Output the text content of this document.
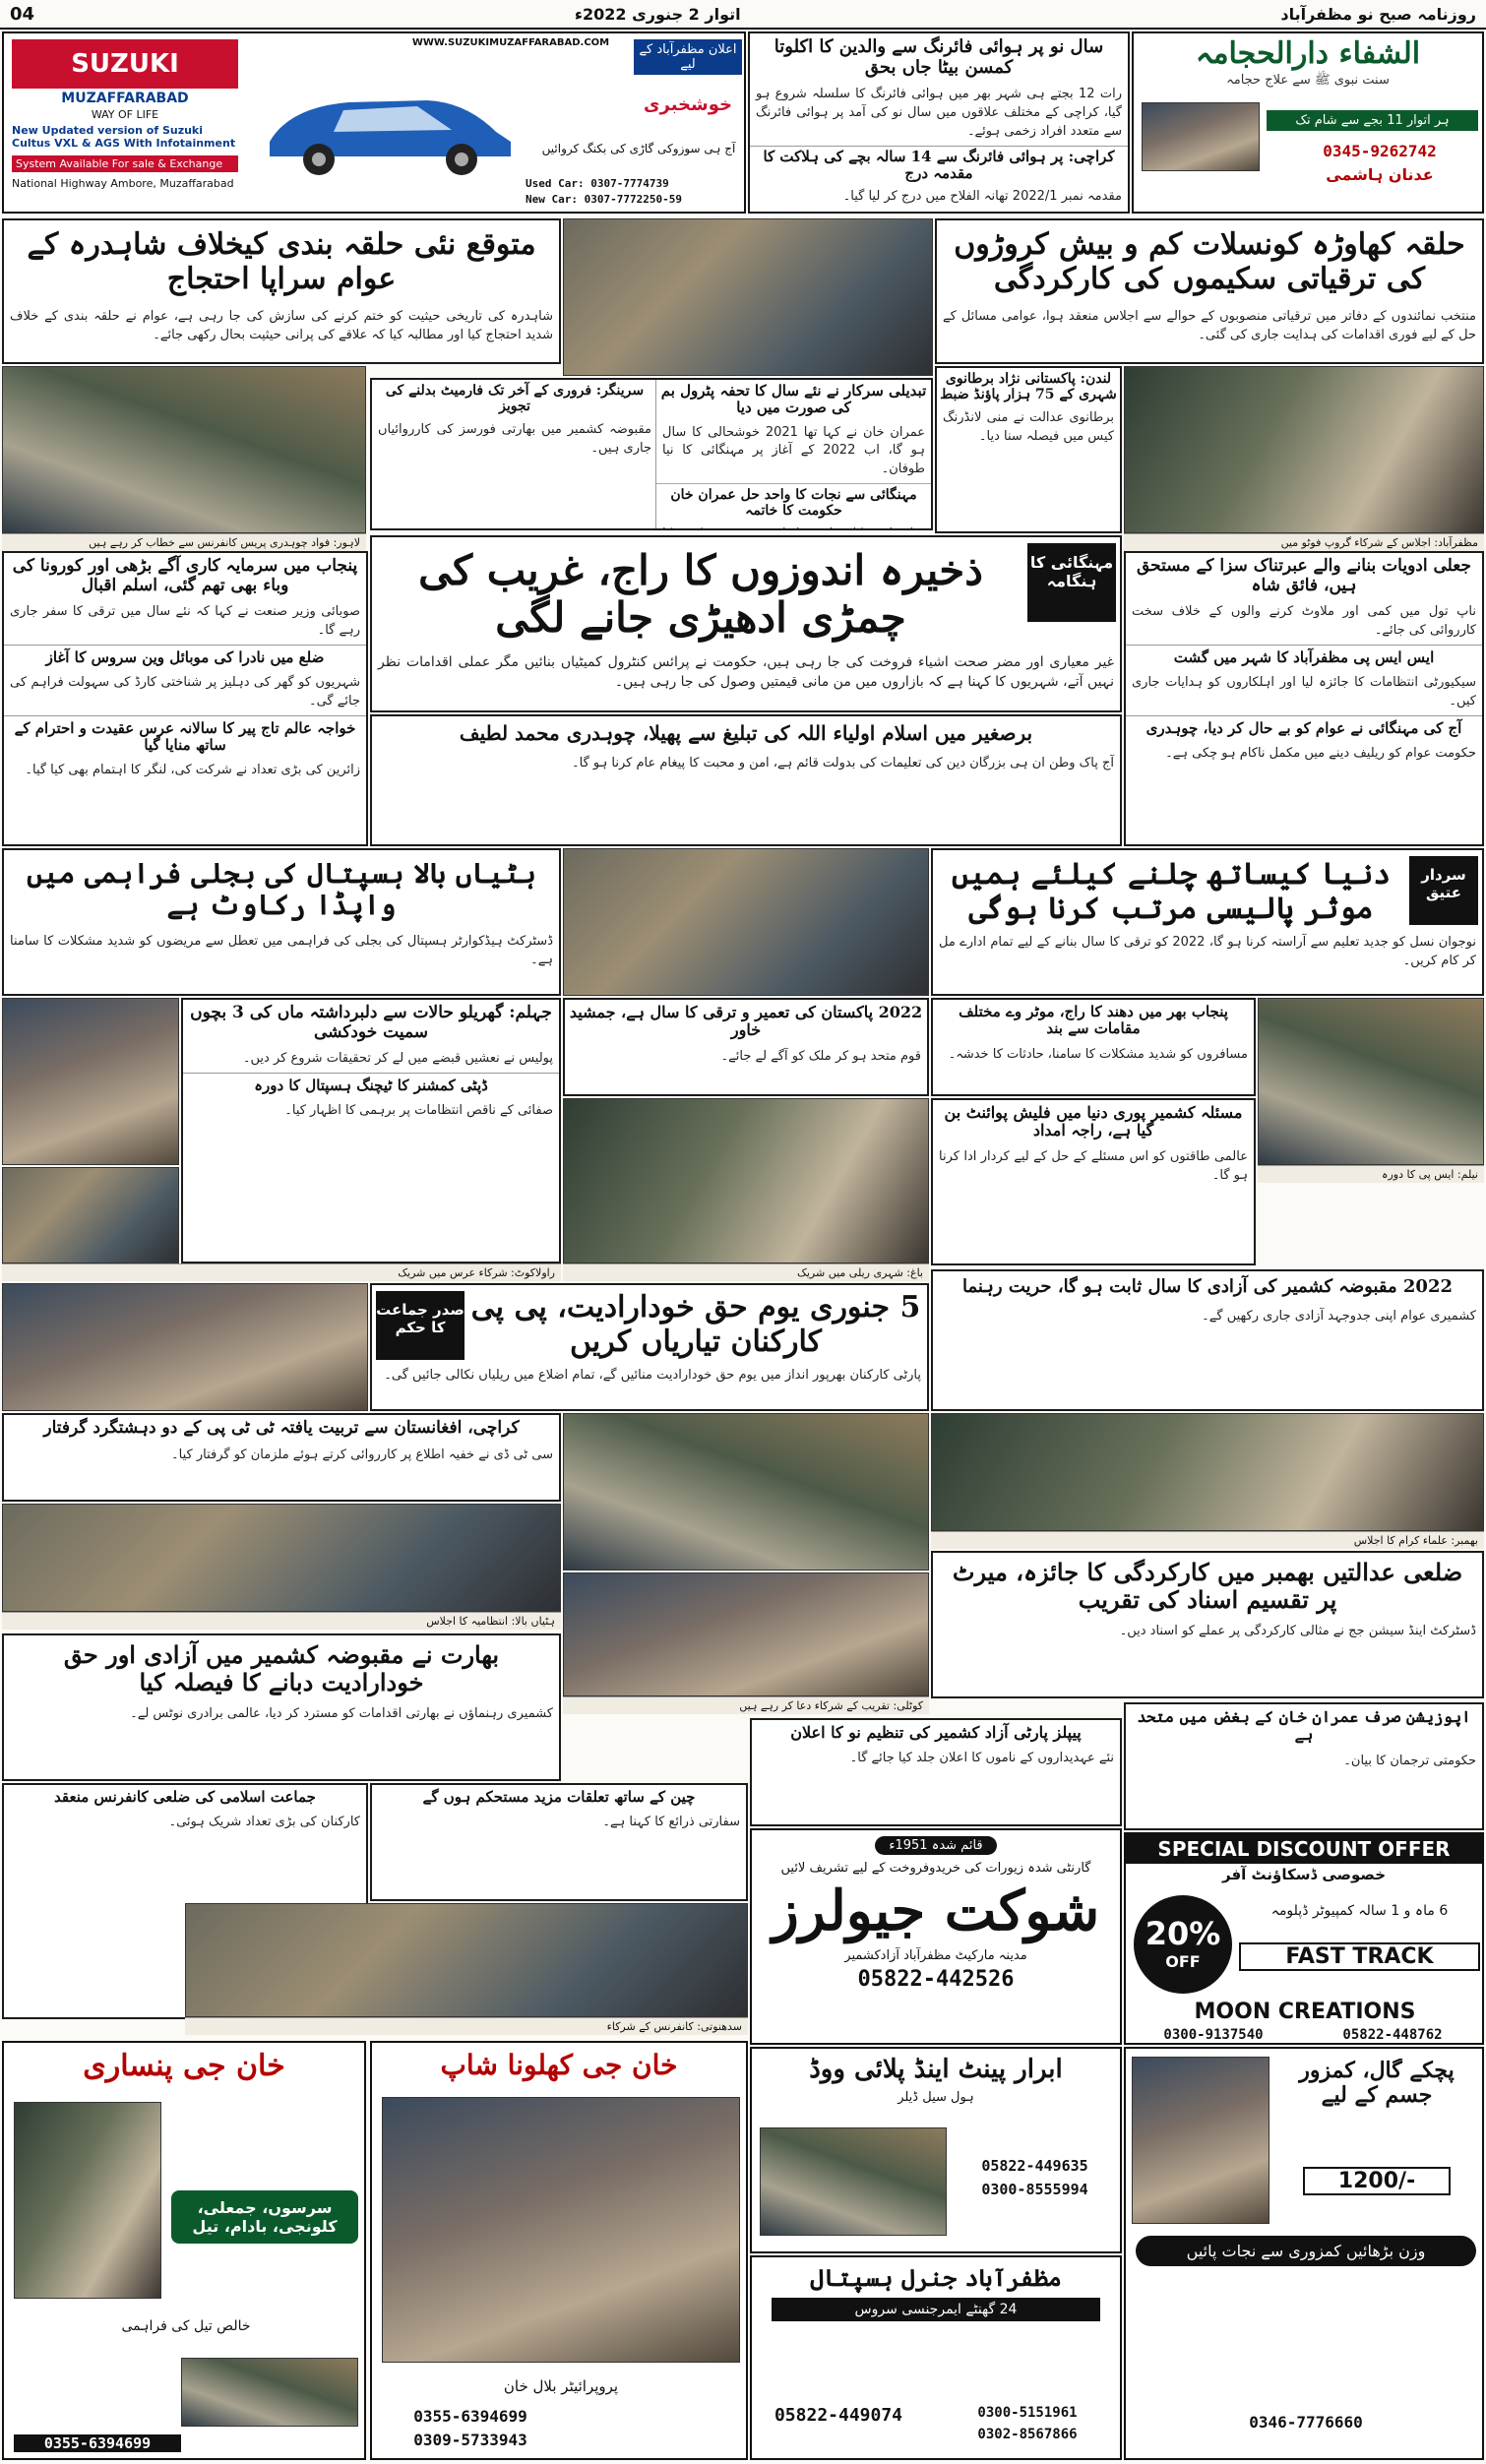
روزنامہ صبح نو مظفرآباد
اتوار 2 جنوری 2022ء
04
الشفاء دارالحجامہ
سنت نبوی ﷺ سے علاج حجامہ
ہر اتوار 11 بجے سے شام تک
0345-9262742
عدنان ہاشمی
سال نو پر ہوائی فائرنگ سے والدین کا اکلوتا کمسن بیٹا جاں بحق
رات 12 بجتے ہی شہر بھر میں ہوائی فائرنگ کا سلسلہ شروع ہو گیا، کراچی کے مختلف علاقوں میں سال نو کی آمد پر ہوائی فائرنگ سے متعدد افراد زخمی ہوئے۔
کراچی: پر ہوائی فائرنگ سے 14 سالہ بچے کی ہلاکت کا مقدمہ درج
مقدمہ نمبر 2022/1 تھانہ الفلاح میں درج کر لیا گیا۔
SUZUKI
MUZAFFARABAD
WAY OF LIFE
New Updated version of Suzuki Cultus VXL & AGS With Infotainment
System Available For sale & Exchange
National Highway Ambore, Muzaffarabad
WWW.SUZUKIMUZAFFARABAD.COM	اعلان مظفرآباد کے لیے
خوشخبری
آج ہی سوزوکی گاڑی کی بکنگ کروائیں
Used Car: 0307-7774739
New Car: 0307-7772250-59
حلقہ کھاوڑہ کونسلات کم و بیش کروڑوں کی ترقیاتی سکیموں کی کارکردگی
منتخب نمائندوں کے دفاتر میں ترقیاتی منصوبوں کے حوالے سے اجلاس منعقد ہوا، عوامی مسائل کے حل کے لیے فوری اقدامات کی ہدایت جاری کی گئی۔
متوقع نئی حلقہ بندی کیخلاف شاہدرہ کے عوام سراپا احتجاج
شاہدرہ کی تاریخی حیثیت کو ختم کرنے کی سازش کی جا رہی ہے، عوام نے حلقہ بندی کے خلاف شدید احتجاج کیا اور مطالبہ کیا کہ علاقے کی پرانی حیثیت بحال رکھی جائے۔
لاہور: فواد چوہدری پریس کانفرنس سے خطاب کر رہے ہیں
تبدیلی سرکار نے نئے سال کا تحفہ پٹرول بم کی صورت میں دیا
عمران خان نے کہا تھا 2021 خوشحالی کا سال ہو گا، اب 2022 کے آغاز پر مہنگائی کا نیا طوفان۔
مہنگائی سے نجات کا واحد حل عمران خان حکومت کا خاتمہ
سرینگر: فروری کے آخر تک فارمیٹ بدلنے کی تجویز
مقبوضہ کشمیر میں بھارتی فورسز کی کارروائیاں جاری ہیں۔
لندن: پاکستانی نژاد برطانوی شہری کے 75 ہزار پاؤنڈ ضبط
برطانوی عدالت نے منی لانڈرنگ کیس میں فیصلہ سنا دیا۔
مظفرآباد: اجلاس کے شرکاء گروپ فوٹو میں
مہنگائی کا ہنگامہ
ذخیرہ اندوزوں کا راج، غریب کی چمڑی ادھیڑی جانے لگی
غیر معیاری اور مضر صحت اشیاء فروخت کی جا رہی ہیں، حکومت نے پرائس کنٹرول کمیٹیاں بنائیں مگر عملی اقدامات نظر نہیں آتے، شہریوں کا کہنا ہے کہ بازاروں میں من مانی قیمتیں وصول کی جا رہی ہیں۔
پنجاب میں سرمایہ کاری آگے بڑھی اور کورونا کی وباء بھی تھم گئی، اسلم اقبال
صوبائی وزیر صنعت نے کہا کہ نئے سال میں ترقی کا سفر جاری رہے گا۔
ضلع میں نادرا کی موبائل وین سروس کا آغاز
شہریوں کو گھر کی دہلیز پر شناختی کارڈ کی سہولت فراہم کی جائے گی۔
خواجہ عالم تاج پیر کا سالانہ عرس عقیدت و احترام کے ساتھ منایا گیا
زائرین کی بڑی تعداد نے شرکت کی، لنگر کا اہتمام بھی کیا گیا۔
جعلی ادویات بنانے والے عبرتناک سزا کے مستحق ہیں، فائق شاہ
ناپ تول میں کمی اور ملاوٹ کرنے والوں کے خلاف سخت کارروائی کی جائے۔
ایس ایس پی مظفرآباد کا شہر میں گشت
سیکیورٹی انتظامات کا جائزہ لیا اور اہلکاروں کو ہدایات جاری کیں۔
آج کی مہنگائی نے عوام کو بے حال کر دیا، چوہدری
حکومت عوام کو ریلیف دینے میں مکمل ناکام ہو چکی ہے۔
برصغیر میں اسلام اولیاء اللہ کی تبلیغ سے پھیلا، چوہدری محمد لطیف
آج پاک وطن ان ہی بزرگان دین کی تعلیمات کی بدولت قائم ہے، امن و محبت کا پیغام عام کرنا ہو گا۔
سردار عتیق
دنیا کیساتھ چلنے کیلئے ہمیں موثر پالیسی مرتب کرنا ہوگی
نوجوان نسل کو جدید تعلیم سے آراستہ کرنا ہو گا، 2022 کو ترقی کا سال بنانے کے لیے تمام ادارے مل کر کام کریں۔
ہٹیاں بالا ہسپتال کی بجلی فراہمی میں واپڈا رکاوٹ ہے
ڈسٹرکٹ ہیڈکوارٹر ہسپتال کی بجلی کی فراہمی میں تعطل سے مریضوں کو شدید مشکلات کا سامنا ہے۔
جہلم: گھریلو حالات سے دلبرداشتہ ماں کی 3 بچوں سمیت خودکشی
پولیس نے نعشیں قبضے میں لے کر تحقیقات شروع کر دیں۔
ڈپٹی کمشنر کا ٹیچنگ ہسپتال کا دورہ
صفائی کے ناقص انتظامات پر برہمی کا اظہار کیا۔
2022 پاکستان کی تعمیر و ترقی کا سال ہے، جمشید خاور
قوم متحد ہو کر ملک کو آگے لے جائے۔
پنجاب بھر میں دھند کا راج، موٹر وے مختلف مقامات سے بند
مسافروں کو شدید مشکلات کا سامنا، حادثات کا خدشہ۔
نیلم: ایس پی کا دورہ
باغ: شہری ریلی میں شریک
راولاکوٹ: شرکاء عرس میں شریک
مسئلہ کشمیر پوری دنیا میں فلیش پوائنٹ بن گیا ہے، راجہ امداد
عالمی طاقتوں کو اس مسئلے کے حل کے لیے کردار ادا کرنا ہو گا۔
صدر جماعت کا حکم
5 جنوری یوم حق خودارادیت، پی پی کارکنان تیاریاں کریں
پارٹی کارکنان بھرپور انداز میں یوم حق خودارادیت منائیں گے، تمام اضلاع میں ریلیاں نکالی جائیں گی۔
2022 مقبوضہ کشمیر کی آزادی کا سال ثابت ہو گا، حریت رہنما
کشمیری عوام اپنی جدوجہد آزادی جاری رکھیں گے۔
کراچی، افغانستان سے تربیت یافتہ ٹی ٹی پی کے دو دہشتگرد گرفتار
سی ٹی ڈی نے خفیہ اطلاع پر کارروائی کرتے ہوئے ملزمان کو گرفتار کیا۔
بھمبر: علماء کرام کا اجلاس
ہٹیاں بالا: انتظامیہ کا اجلاس
ضلعی عدالتیں بھمبر میں کارکردگی کا جائزہ، میرٹ پر تقسیم اسناد کی تقریب
ڈسٹرکٹ اینڈ سیشن جج نے مثالی کارکردگی پر عملے کو اسناد دیں۔
کوٹلی: تقریب کے شرکاء دعا کر رہے ہیں
بھارت نے مقبوضہ کشمیر میں آزادی اور حق خودارادیت دبانے کا فیصلہ کیا
کشمیری رہنماؤں نے بھارتی اقدامات کو مسترد کر دیا، عالمی برادری نوٹس لے۔	اپوزیشن صرف عمران خان کے بغض میں متحد ہے
حکومتی ترجمان کا بیان۔
پیپلز پارٹی آزاد کشمیر کی تنظیم نو کا اعلان
نئے عہدیداروں کے ناموں کا اعلان جلد کیا جائے گا۔
چین کے ساتھ تعلقات مزید مستحکم ہوں گے
سفارتی ذرائع کا کہنا ہے۔
جماعت اسلامی کی ضلعی کانفرنس منعقد
کارکنان کی بڑی تعداد شریک ہوئی۔
قائم شدہ 1951ء
گارنٹی شدہ زیورات کی خریدوفروخت کے لیے تشریف لائیں
شوکت جیولرز
مدینہ مارکیٹ مظفرآباد آزادکشمیر
05822-442526
SPECIAL DISCOUNT OFFER
خصوصی ڈسکاؤنٹ آفر
20%
OFF
6 ماہ و 1 سالہ کمپیوٹر ڈپلومہ
FAST TRACK
MOON CREATIONS
0300-9137540	05822-448762
پچکے گال، کمزور جسم کے لیے
1200/-
وزن بڑھائیں کمزوری سے نجات پائیں
0346-7776660
سدھنوتی: کانفرنس کے شرکاء
خان جی پنساری
سرسوں، جمعلی، کلونجی، بادام، تیل
خالص تیل کی فراہمی
0355-6394699
خان جی کھلونا شاپ
پروپرائیٹر بلال خان
0355-6394699
0309-5733943
ابرار پینٹ اینڈ پلائی ووڈ
ہول سیل ڈیلر
05822-449635
0300-8555994
مظفرآباد جنرل ہسپتال
24 گھنٹے ایمرجنسی سروس
05822-449074	0300-5151961
0302-8567866
